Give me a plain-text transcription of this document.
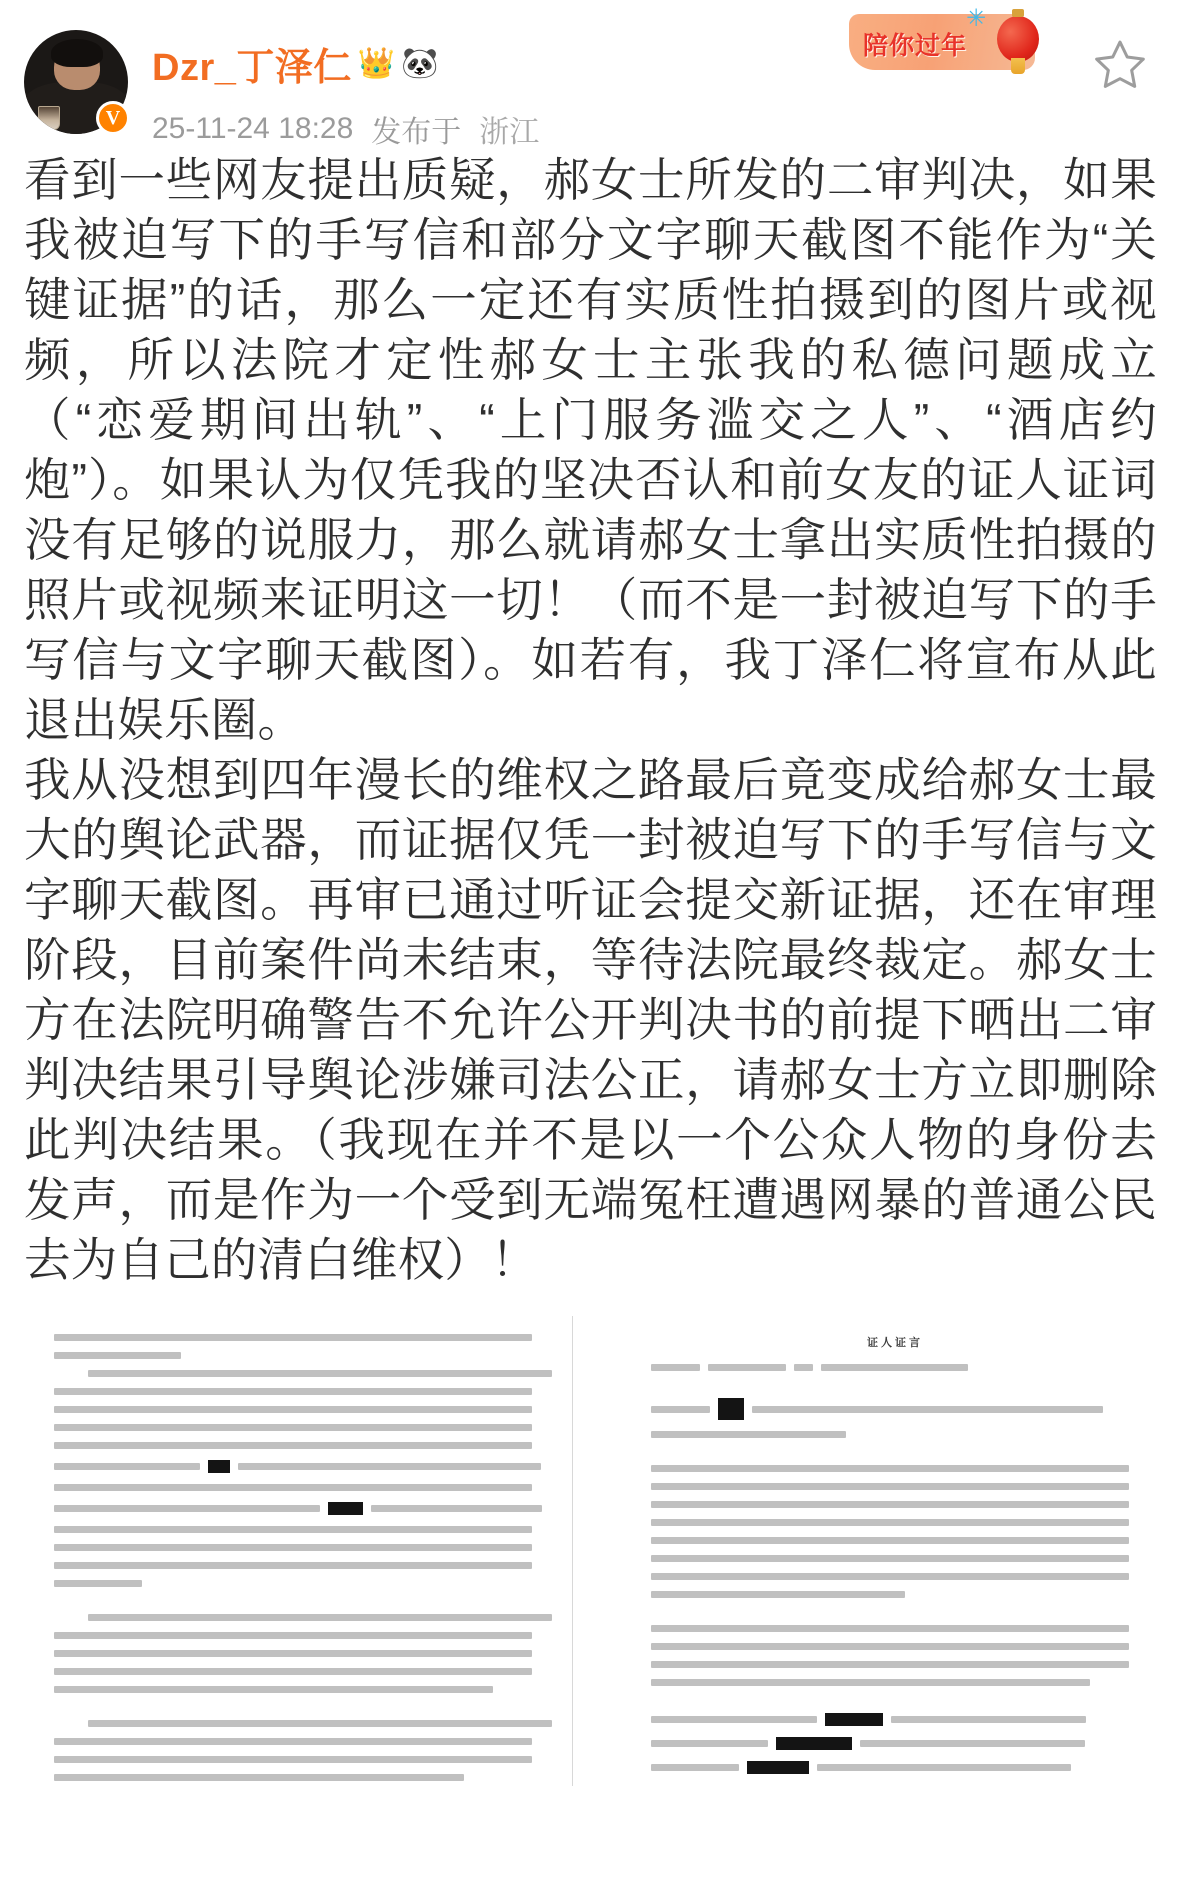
V
Dzr_丁泽仁 👑 🐼
25-11-24 18:28 发布于 浙江
✳
陪你过年

看到一些网友提出质疑，郝女士所发的二审判决，如果我被迫写下的手写信和部分文字聊天截图不能作为“关键证据”的话，那么一定还有实质性拍摄到的图片或视频，所以法院才定性郝女士主张我的私德问题成立（“恋爱期间出轨”、“上门服务滥交之人”、“酒店约炮”）。如果认为仅凭我的坚决否认和前女友的证人证词没有足够的说服力，那么就请郝女士拿出实质性拍摄的照片或视频来证明这一切！（而不是一封被迫写下的手写信与文字聊天截图）。如若有，我丁泽仁将宣布从此退出娱乐圈。

我从没想到四年漫长的维权之路最后竟变成给郝女士最大的舆论武器，而证据仅凭一封被迫写下的手写信与文字聊天截图。再审已通过听证会提交新证据，还在审理阶段，目前案件尚未结束，等待法院最终裁定。郝女士方在法院明确警告不允许公开判决书的前提下晒出二审判决结果引导舆论涉嫌司法公正，请郝女士方立即删除此判决结果。（我现在并不是以一个公众人物的身份去发声，而是作为一个受到无端冤枉遭遇网暴的普通公民去为自己的清白维权）！

证人证言
